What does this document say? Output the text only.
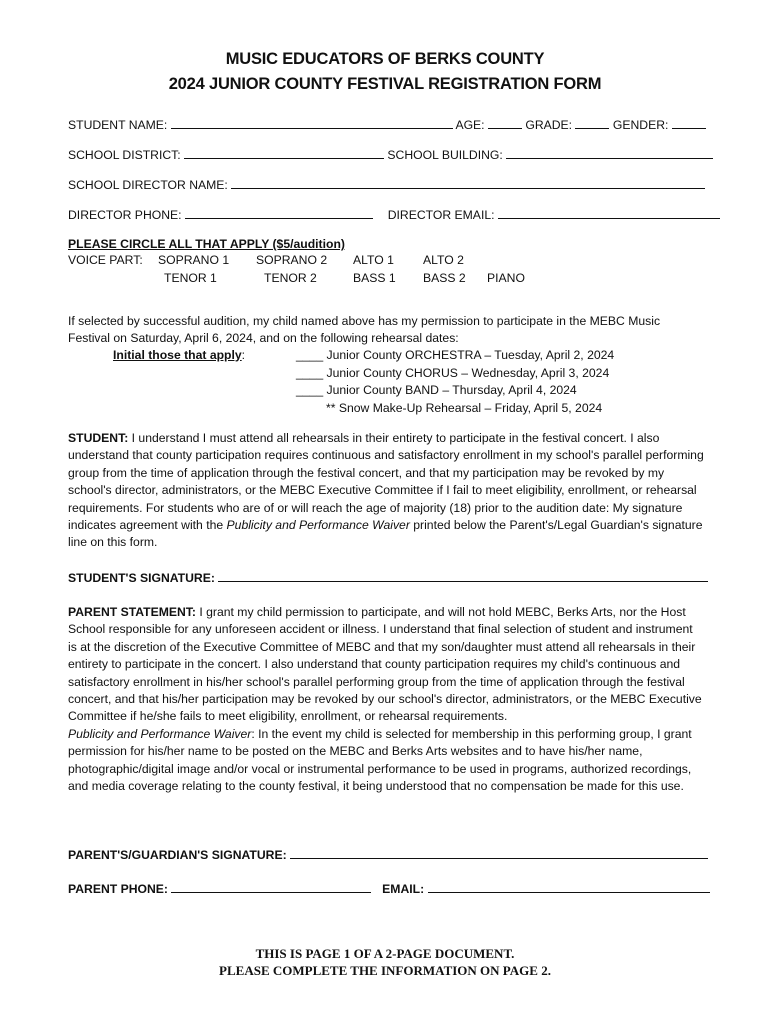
MUSIC EDUCATORS OF BERKS COUNTY
2024 JUNIOR COUNTY FESTIVAL REGISTRATION FORM
STUDENT NAME:	AGE:	GRADE:	GENDER:
SCHOOL DISTRICT:	SCHOOL BUILDING:
SCHOOL DIRECTOR NAME:
DIRECTOR PHONE:	DIRECTOR EMAIL:
PLEASE CIRCLE ALL THAT APPLY ($5/audition)
VOICE PART: SOPRANO 1 SOPRANO 2 ALTO 1 ALTO 2
TENOR 1	TENOR 2	BASS 1 BASS 2 PIANO
If selected by successful audition, my child named above has my permission to participate in the MEBC Music Festival on Saturday, April 6, 2024, and on the following rehearsal dates:
Initial those that apply:	____ Junior County ORCHESTRA – Tuesday, April 2, 2024
____ Junior County CHORUS – Wednesday, April 3, 2024
____ Junior County BAND – Thursday, April 4, 2024
** Snow Make-Up Rehearsal – Friday, April 5, 2024
STUDENT: I understand I must attend all rehearsals in their entirety to participate in the festival concert. I also understand that county participation requires continuous and satisfactory enrollment in my school's parallel performing group from the time of application through the festival concert, and that my participation may be revoked by my school's director, administrators, or the MEBC Executive Committee if I fail to meet eligibility, enrollment, or rehearsal requirements. For students who are of or will reach the age of majority (18) prior to the audition date: My signature indicates agreement with the Publicity and Performance Waiver printed below the Parent's/Legal Guardian's signature line on this form.
STUDENT'S SIGNATURE:
PARENT STATEMENT: I grant my child permission to participate, and will not hold MEBC, Berks Arts, nor the Host School responsible for any unforeseen accident or illness. I understand that final selection of student and instrument is at the discretion of the Executive Committee of MEBC and that my son/daughter must attend all rehearsals in their entirety to participate in the concert. I also understand that county participation requires my child's continuous and satisfactory enrollment in his/her school's parallel performing group from the time of application through the festival concert, and that his/her participation may be revoked by our school's director, administrators, or the MEBC Executive Committee if he/she fails to meet eligibility, enrollment, or rehearsal requirements.
Publicity and Performance Waiver: In the event my child is selected for membership in this performing group, I grant permission for his/her name to be posted on the MEBC and Berks Arts websites and to have his/her name, photographic/digital image and/or vocal or instrumental performance to be used in programs, authorized recordings, and media coverage relating to the county festival, it being understood that no compensation be made for this use.
PARENT'S/GUARDIAN'S SIGNATURE:
PARENT PHONE:	EMAIL:
THIS IS PAGE 1 OF A 2-PAGE DOCUMENT.
PLEASE COMPLETE THE INFORMATION ON PAGE 2.
